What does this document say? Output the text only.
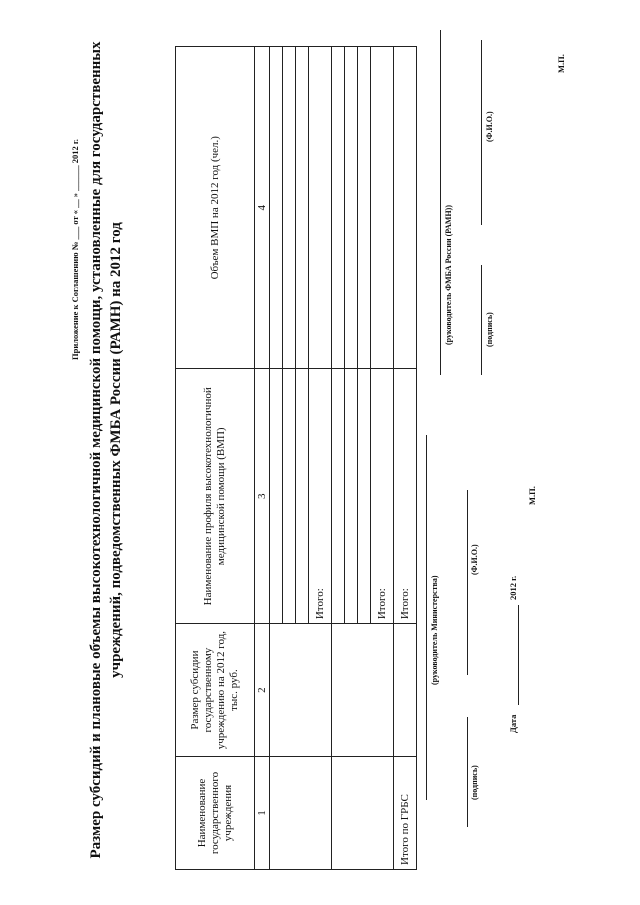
Приложение к Соглашению № ___ от « __ » ______ 2012 г. Размер субсидий и плановые объемы высокотехнологичной медицинской помощи, установленные для государственных учреждений, подведомственных ФМБА России (РАМН) на 2012 год
Наименование государственного учреждения	Размер субсидии государственному учреждению на 2012 год, тыс. руб.	Наименование профиля высокотехнологичной медицинской помощи (ВМП)	Объем ВМП на 2012 год (чел.)
1	2	3	4

		Итого:	

		Итого:	
Итого по ГРБС		Итого:	(руководитель Министерства)
(подпись)
(Ф.И.О.)
Дата
2012 г.
М.П.
(руководитель ФМБА России (РАМН))	(подпись)
(Ф.И.О.)
М.П.
